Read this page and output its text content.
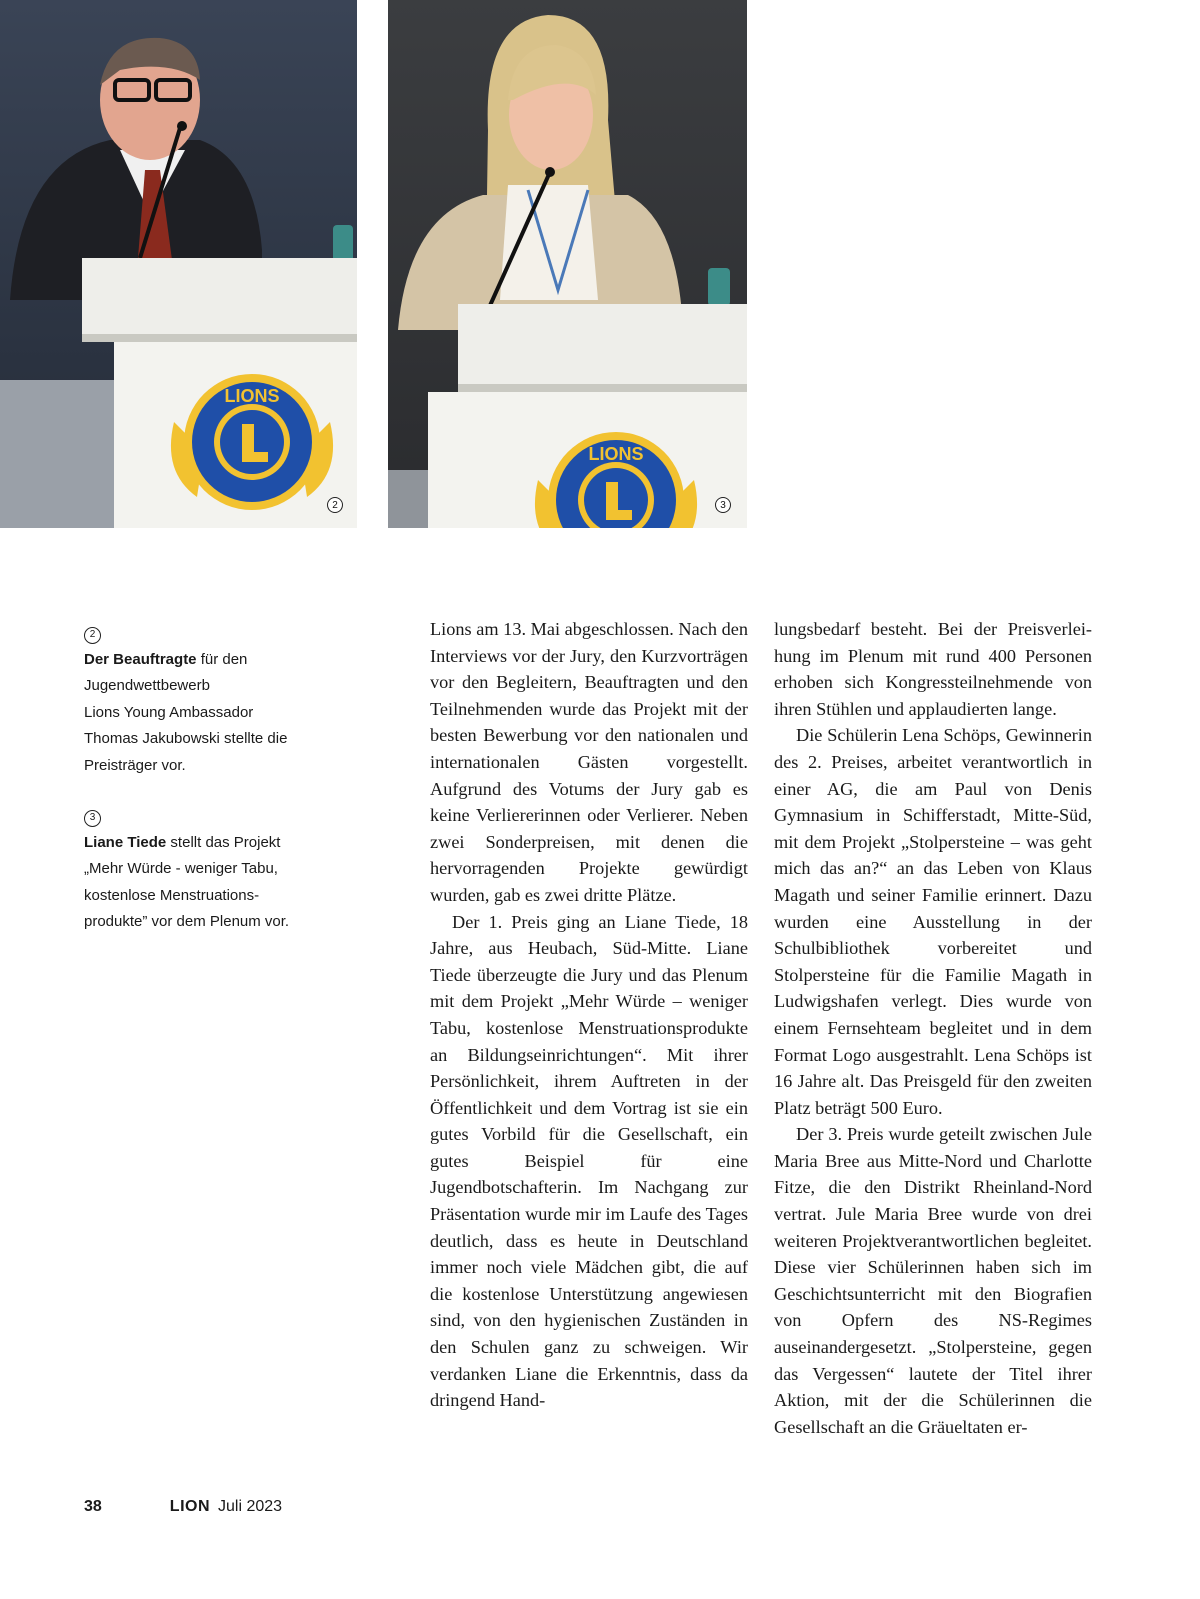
LIONS
2
LIONS
3
2
Der Beauftragte für den
Jugendwettbewerb
Lions Young Ambassador
Thomas Jakubowski stellte die
Preisträger vor.
3
Liane Tiede stellt das Projekt
„Mehr Würde - weniger Tabu,
kostenlose Menstruations-
produkte” vor dem Plenum vor.

Lions am 13. Mai abgeschlossen. Nach den Interviews vor der Jury, den Kurzvorträgen vor den Begleitern, Beauftragten und den Teilnehmenden wurde das Projekt mit der besten Bewerbung vor den nationalen und internationalen Gästen vorgestellt. Aufgrund des Votums der Jury gab es keine Verliererinnen oder Verlierer. Neben zwei Sonderpreisen, mit denen die hervorragenden Projekte gewürdigt wurden, gab es zwei dritte Plätze.

Der 1. Preis ging an Liane Tiede, 18 Jahre, aus Heubach, Süd-Mitte. Liane Tiede überzeugte die Jury und das Plenum mit dem Projekt „Mehr Würde – weniger Tabu, kostenlose Menstruationsprodukte an Bildungseinrichtungen“. Mit ihrer Persönlichkeit, ihrem Auftreten in der Öffentlichkeit und dem Vortrag ist sie ein gutes Vorbild für die Gesellschaft, ein gutes Beispiel für eine Jugendbotschafterin. Im Nachgang zur Präsentation wurde mir im Laufe des Tages deutlich, dass es heute in Deutschland immer noch viele Mädchen gibt, die auf die kostenlose Unterstützung angewiesen sind, von den hygienischen Zuständen in den Schulen ganz zu schweigen. Wir verdanken Liane die Erkenntnis, dass da dringend Hand-

lungsbedarf besteht. Bei der Preisverleihung im Plenum mit rund 400 Personen erhoben sich Kongressteilnehmende von ihren Stühlen und applaudierten lange.

Die Schülerin Lena Schöps, Gewinnerin des 2. Preises, arbeitet verantwortlich in einer AG, die am Paul von Denis Gymnasium in Schifferstadt, Mitte-Süd, mit dem Projekt „Stolpersteine – was geht mich das an?“ an das Leben von Klaus Magath und seiner Familie erinnert. Dazu wurden eine Ausstellung in der Schulbibliothek vorbereitet und Stolpersteine für die Familie Magath in Ludwigshafen verlegt. Dies wurde von einem Fernsehteam begleitet und in dem Format Logo ausgestrahlt. Lena Schöps ist 16 Jahre alt. Das Preisgeld für den zweiten Platz beträgt 500 Euro.

Der 3. Preis wurde geteilt zwischen Jule Maria Bree aus Mitte-Nord und Charlotte Fitze, die den Distrikt Rheinland-Nord vertrat. Jule Maria Bree wurde von drei weiteren Projektverantwortlichen begleitet. Diese vier Schülerinnen haben sich im Geschichtsunterricht mit den Biografien von Opfern des NS-Regimes auseinandergesetzt. „Stolpersteine, gegen das Vergessen“ lautete der Titel ihrer Aktion, mit der die Schülerinnen die Gesellschaft an die Gräueltaten er-

38	LION Juli 2023
